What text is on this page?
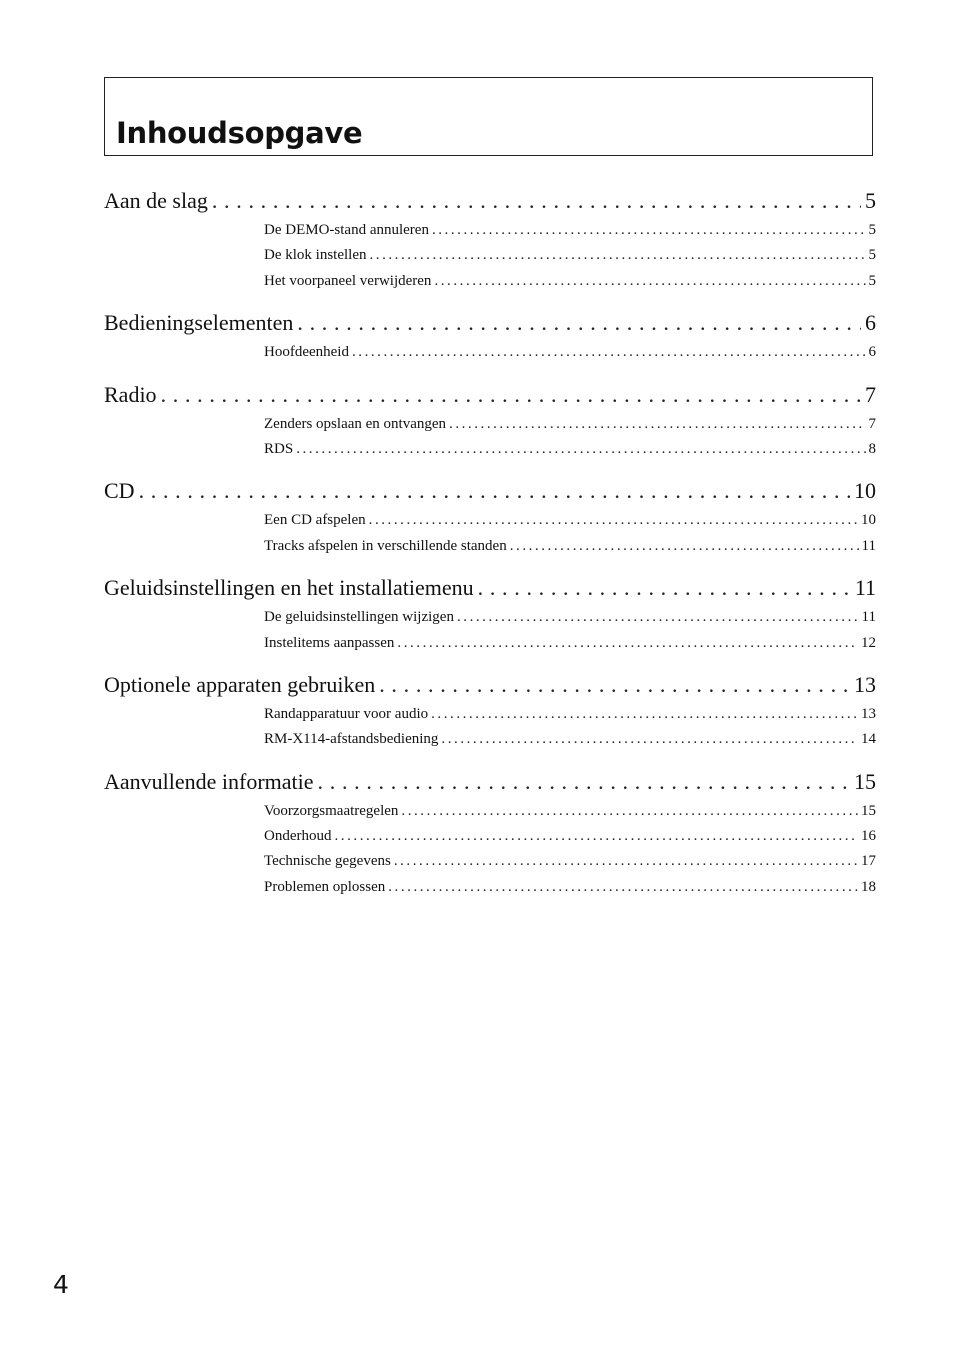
Inhoudsopgave
Aan de slag . . .	5
De DEMO-stand annuleren . . .	5
De klok instellen . . .	5
Het voorpaneel verwijderen . . .	5
Bedieningselementen . . .	6
Hoofdeenheid . . .	6
Radio . . .	7
Zenders opslaan en ontvangen . . .	7
RDS . . .	8
CD . . .	10
Een CD afspelen . . .	10
Tracks afspelen in verschillende standen . . .	11
Geluidsinstellingen en het installatiemenu . . .	11
De geluidsinstellingen wijzigen . . .	11
Instelitems aanpassen . . .	12
Optionele apparaten gebruiken . . .	13
Randapparatuur voor audio . . .	13
RM-X114-afstandsbediening . . .	14
Aanvullende informatie . . .	15
Voorzorgsmaatregelen . . .	15
Onderhoud . . .	16
Technische gegevens . . .	17
Problemen oplossen . . .	18
4
